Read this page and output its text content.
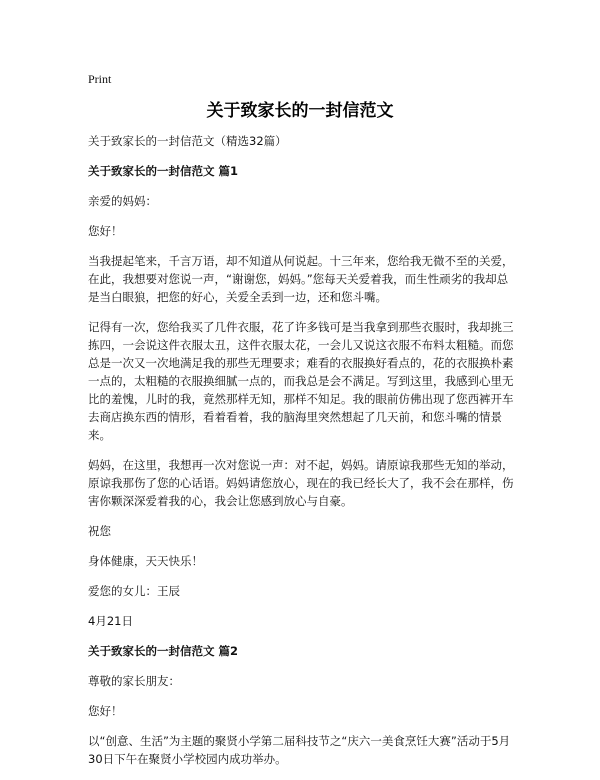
Print
关于致家长的一封信范文

关于致家长的一封信范文（精选32篇）

关于致家长的一封信范文 篇1

亲爱的妈妈：

您好！

当我提起笔来，千言万语，却不知道从何说起。十三年来，您给我无微不至的关爱，在此，我想要对您说一声，“谢谢您，妈妈。”您每天关爱着我，而生性顽劣的我却总是当白眼狼，把您的好心，关爱全丢到一边，还和您斗嘴。

记得有一次，您给我买了几件衣服，花了许多钱可是当我拿到那些衣服时，我却挑三拣四，一会说这件衣服太丑，这件衣服太花，一会儿又说这衣服不布料太粗糙。而您总是一次又一次地满足我的那些无理要求；难看的衣服换好看点的，花的衣服换朴素一点的，太粗糙的衣服换细腻一点的，而我总是会不满足。写到这里，我感到心里无比的羞愧，儿时的我，竟然那样无知，那样不知足。我的眼前仿佛出现了您西裤开车去商店换东西的情形，看着看着，我的脑海里突然想起了几天前，和您斗嘴的情景来。

妈妈，在这里，我想再一次对您说一声：对不起，妈妈。请原谅我那些无知的举动，原谅我那伤了您的心话语。妈妈请您放心，现在的我已经长大了，我不会在那样，伤害你颗深深爱着我的心，我会让您感到放心与自豪。

祝您

身体健康，天天快乐！

爱您的女儿：王辰

4月21日

关于致家长的一封信范文 篇2

尊敬的家长朋友：

您好！

以“创意、生活”为主题的聚贤小学第二届科技节之“庆六一美食烹饪大赛”活动于5月30日下午在聚贤小学校园内成功举办。
